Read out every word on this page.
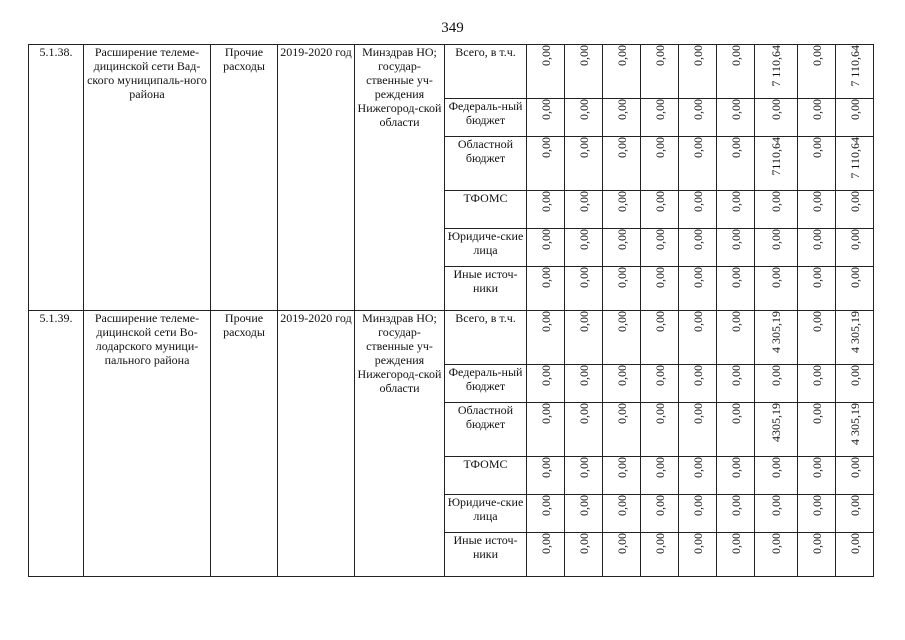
349
5.1.38.	Расширение телеме-дицинской сети Вад-ского муниципаль-ного района	Прочие расходы	2019-2020 год	Минздрав НО; государ-ственные уч-реждения Нижегород-ской области	Всего, в т.ч.	0,00	0,00	0,00	0,00	0,00	0,00	7 110,64	0,00	7 110,64
					Федераль-ный бюджет	0,00	0,00	0,00	0,00	0,00	0,00	0,00	0,00	0,00
					Областной бюджет	0,00	0,00	0,00	0,00	0,00	0,00	7110,64	0,00	7 110,64
					ТФОМС	0,00	0,00	0,00	0,00	0,00	0,00	0,00	0,00	0,00
					Юридиче-ские лица	0,00	0,00	0,00	0,00	0,00	0,00	0,00	0,00	0,00
					Иные источ-ники	0,00	0,00	0,00	0,00	0,00	0,00	0,00	0,00	0,00
5.1.39.	Расширение телеме-дицинской сети Во-лодарского муници-пального района	Прочие расходы	2019-2020 год	Минздрав НО; государ-ственные уч-реждения Нижегород-ской области	Всего, в т.ч.	0,00	0,00	0,00	0,00	0,00	0,00	4 305,19	0,00	4 305,19
					Федераль-ный бюджет	0,00	0,00	0,00	0,00	0,00	0,00	0,00	0,00	0,00
					Областной бюджет	0,00	0,00	0,00	0,00	0,00	0,00	4305,19	0,00	4 305,19
					ТФОМС	0,00	0,00	0,00	0,00	0,00	0,00	0,00	0,00	0,00
					Юридиче-ские лица	0,00	0,00	0,00	0,00	0,00	0,00	0,00	0,00	0,00
					Иные источ-ники	0,00	0,00	0,00	0,00	0,00	0,00	0,00	0,00	0,00
